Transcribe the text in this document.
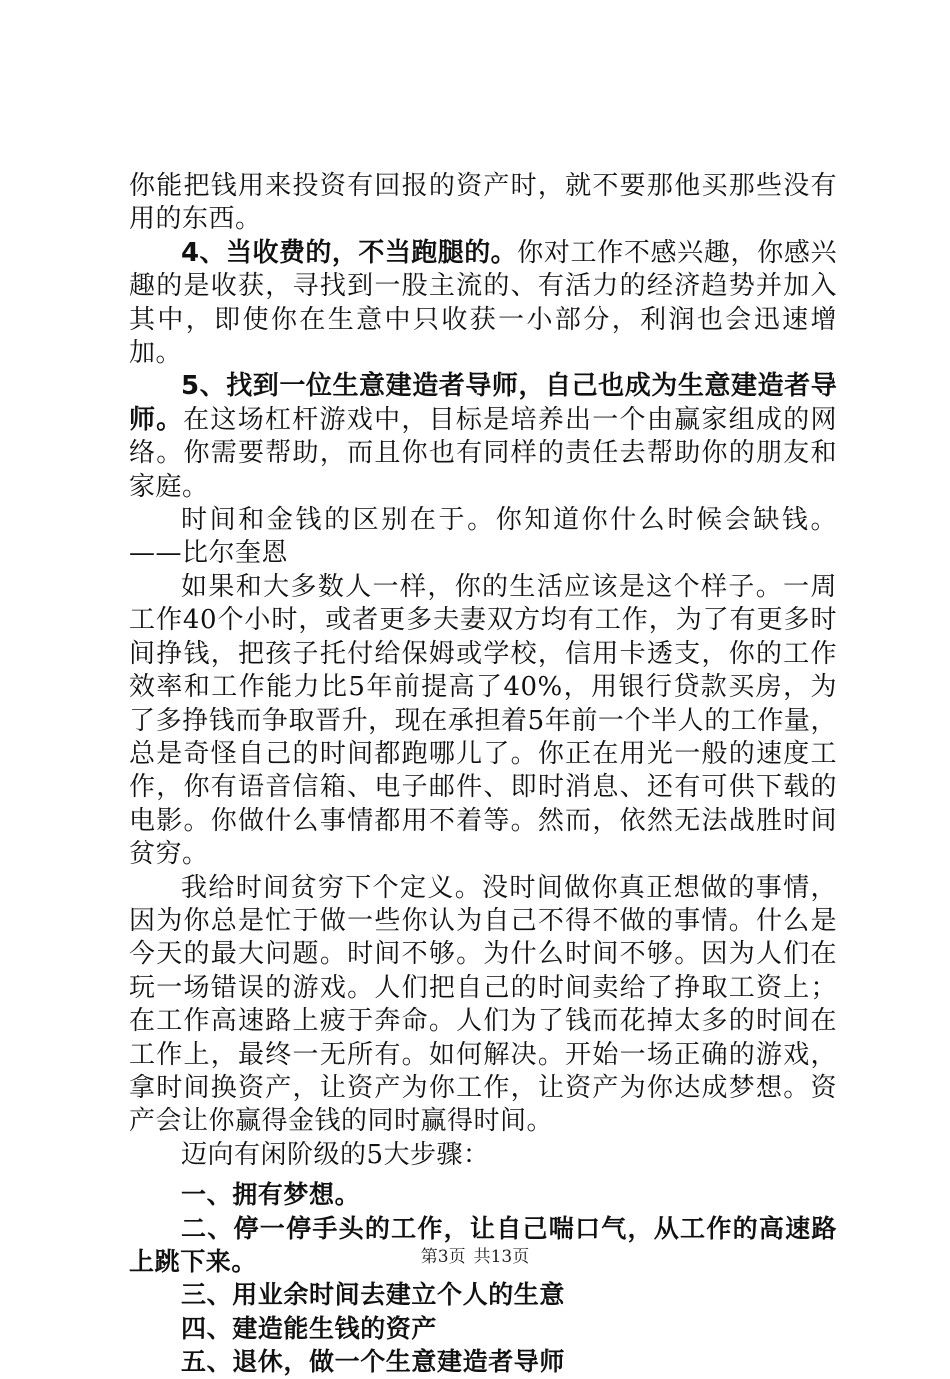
你能把钱用来投资有回报的资产时，就不要那他买那些没有用的东西。

4、当收费的，不当跑腿的。你对工作不感兴趣，你感兴趣的是收获，寻找到一股主流的、有活力的经济趋势并加入其中，即使你在生意中只收获一小部分，利润也会迅速增加。

5、找到一位生意建造者导师，自己也成为生意建造者导师。在这场杠杆游戏中，目标是培养出一个由赢家组成的网络。你需要帮助，而且你也有同样的责任去帮助你的朋友和家庭。

时间和金钱的区别在于。你知道你什么时候会缺钱。——比尔奎恩

如果和大多数人一样，你的生活应该是这个样子。一周工作40个小时，或者更多夫妻双方均有工作，为了有更多时间挣钱，把孩子托付给保姆或学校，信用卡透支，你的工作效率和工作能力比5年前提高了40%，用银行贷款买房，为了多挣钱而争取晋升，现在承担着5年前一个半人的工作量，总是奇怪自己的时间都跑哪儿了。你正在用光一般的速度工作，你有语音信箱、电子邮件、即时消息、还有可供下载的电影。你做什么事情都用不着等。然而，依然无法战胜时间贫穷。

我给时间贫穷下个定义。没时间做你真正想做的事情，因为你总是忙于做一些你认为自己不得不做的事情。什么是今天的最大问题。时间不够。为什么时间不够。因为人们在玩一场错误的游戏。人们把自己的时间卖给了挣取工资上；在工作高速路上疲于奔命。人们为了钱而花掉太多的时间在工作上，最终一无所有。如何解决。开始一场正确的游戏，拿时间换资产，让资产为你工作，让资产为你达成梦想。资产会让你赢得金钱的同时赢得时间。

迈向有闲阶级的5大步骤：

一、拥有梦想。

二、停一停手头的工作，让自己喘口气，从工作的高速路上跳下来。

三、用业余时间去建立个人的生意

四、建造能生钱的资产

五、退休，做一个生意建造者导师

第3页 共13页
